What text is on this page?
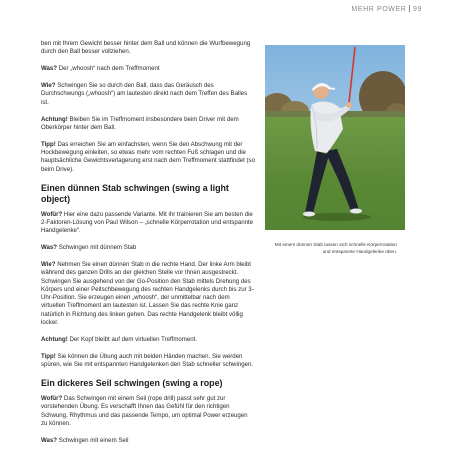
MEHR POWER 99

ben mit Ihrem Gewicht besser hinter dem Ball und können die Wurfbewegung durch den Ball besser vollziehen.

Was? Der „whoosh“ nach dem Treffmoment

Wie? Schwingen Sie so durch den Ball, dass das Geräusch des Durchschwungs („whoosh“) am lautesten direkt nach dem Treffen des Balles ist.

Achtung! Bleiben Sie im Treffmoment insbesondere beim Driver mit dem Oberkörper hinter dem Ball.

Tipp! Das erreichen Sie am einfachsten, wenn Sie den Abschwung mit der Hockbewegung einleiten, so etwas mehr vom rechten Fuß schlagen und die hauptsächliche Gewichtsverlagerung erst nach dem Treffmoment stattfindet (so beim Drive).

Einen dünnen Stab schwingen (swing a light object)

Wofür? Hier eine dazu passende Variante. Mit ihr trainieren Sie am besten die 2-Faktoren-Lösung von Paul Wilson – „schnelle Körperrotation und entspannte Handgelenke“.

Was? Schwingen mit dünnem Stab

Wie? Nehmen Sie einen dünnen Stab in die rechte Hand. Der linke Arm bleibt während des ganzen Drills an der gleichen Stelle vor Ihnen ausgestreckt. Schwingen Sie ausgehend von der Go-Position den Stab mittels Drehung des Körpers und einer Peitschbewegung des rechten Handgelenks durch bis zur 3-Uhr-Position. Sie erzeugen einen „whoosh“, der unmittelbar nach dem virtuellen Treffmoment am lautesten ist. Lassen Sie das rechte Knie ganz natürlich in Richtung des linken gehen. Das rechte Handgelenk bleibt völlig locker.

Achtung! Der Kopf bleibt auf dem virtuellen Treffmoment.

Tipp! Sie können die Übung auch mit beiden Händen machen. Sie werden spüren, wie Sie mit entspannten Handgelenken den Stab schneller schwingen.

Ein dickeres Seil schwingen (swing a rope)

Wofür? Das Schwingen mit einem Seil (rope drill) passt sehr gut zur vorstehenden Übung. Es verschafft Ihnen das Gefühl für den richtigen Schwung, Rhythmus und das passende Tempo, um optimal Power erzeugen zu können.

Was? Schwingen mit einem Seil

Mit einem dünnen Stab lassen sich schnelle Körperrotation und entspannte Handgelenke üben.
